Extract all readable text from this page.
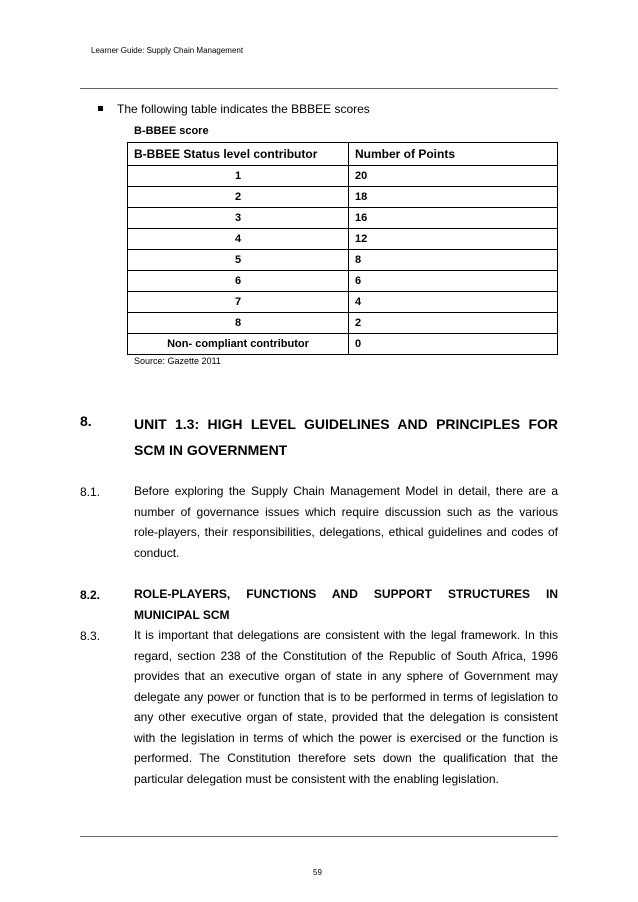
Learner Guide: Supply Chain Management
The following table indicates the BBBEE scores
B-BBEE score
B-BBEE Status level contributor	Number of Points
1	20
2	18
3	16
4	12
5	8
6	6
7	4
8	2
Non- compliant contributor	0
Source: Gazette 2011
8.	UNIT 1.3: HIGH LEVEL GUIDELINES AND PRINCIPLES FOR SCM IN GOVERNMENT
8.1.	Before exploring the Supply Chain Management Model in detail, there are a number of governance issues which require discussion such as the various role-players, their responsibilities, delegations, ethical guidelines and codes of conduct.
8.2.	ROLE-PLAYERS, FUNCTIONS AND SUPPORT STRUCTURES IN MUNICIPAL SCM
8.3.	It is important that delegations are consistent with the legal framework. In this regard, section 238 of the Constitution of the Republic of South Africa, 1996 provides that an executive organ of state in any sphere of Government may delegate any power or function that is to be performed in terms of legislation to any other executive organ of state, provided that the delegation is consistent with the legislation in terms of which the power is exercised or the function is performed. The Constitution therefore sets down the qualification that the particular delegation must be consistent with the enabling legislation.
59
